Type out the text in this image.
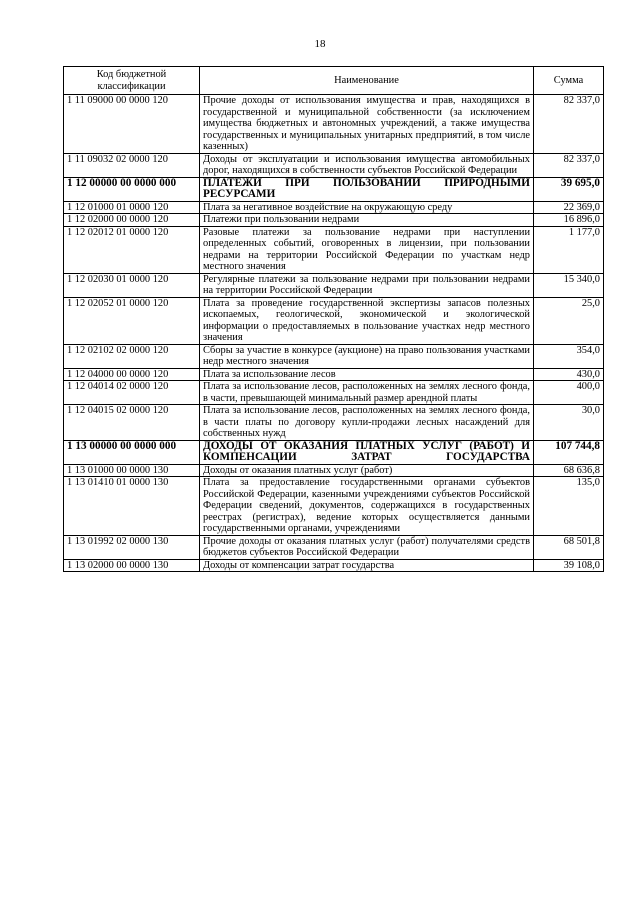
18
Код бюджетной классификации	Наименование	Сумма
1 11 09000 00 0000 120	Прочие доходы от использования имущества и прав, находящихся в государственной и муниципальной собственности (за исключением имущества бюджетных и автономных учреждений, а также имущества государственных и муниципальных унитарных предприятий, в том числе казенных)	82 337,0
1 11 09032 02 0000 120	Доходы от эксплуатации и использования имущества автомобильных дорог, находящихся в собственности субъектов Российской Федерации	82 337,0
1 12 00000 00 0000 000	ПЛАТЕЖИ ПРИ ПОЛЬЗОВАНИИ ПРИРОДНЫМИ РЕСУРСАМИ	39 695,0
1 12 01000 01 0000 120	Плата за негативное воздействие на окружающую среду	22 369,0
1 12 02000 00 0000 120	Платежи при пользовании недрами	16 896,0
1 12 02012 01 0000 120	Разовые платежи за пользование недрами при наступлении определенных событий, оговоренных в лицензии, при пользовании недрами на территории Российской Федерации по участкам недр местного значения	1 177,0
1 12 02030 01 0000 120	Регулярные платежи за пользование недрами при пользовании недрами на территории Российской Федерации	15 340,0
1 12 02052 01 0000 120	Плата за проведение государственной экспертизы запасов полезных ископаемых, геологической, экономической и экологической информации о предоставляемых в пользование участках недр местного значения	25,0
1 12 02102 02 0000 120	Сборы за участие в конкурсе (аукционе) на право пользования участками недр местного значения	354,0
1 12 04000 00 0000 120	Плата за использование лесов	430,0
1 12 04014 02 0000 120	Плата за использование лесов, расположенных на землях лесного фонда, в части, превышающей минимальный размер арендной платы	400,0
1 12 04015 02 0000 120	Плата за использование лесов, расположенных на землях лесного фонда, в части платы по договору купли-продажи лесных насаждений для собственных нужд	30,0
1 13 00000 00 0000 000	ДОХОДЫ ОТ ОКАЗАНИЯ ПЛАТНЫХ УСЛУГ (РАБОТ) И КОМПЕНСАЦИИ ЗАТРАТ ГОСУДАРСТВА	107 744,8
1 13 01000 00 0000 130	Доходы от оказания платных услуг (работ)	68 636,8
1 13 01410 01 0000 130	Плата за предоставление государственными органами субъектов Российской Федерации, казенными учреждениями субъектов Российской Федерации сведений, документов, содержащихся в государственных реестрах (регистрах), ведение которых осуществляется данными государственными органами, учреждениями	135,0
1 13 01992 02 0000 130	Прочие доходы от оказания платных услуг (работ) получателями средств бюджетов субъектов Российской Федерации	68 501,8
1 13 02000 00 0000 130	Доходы от компенсации затрат государства	39 108,0
